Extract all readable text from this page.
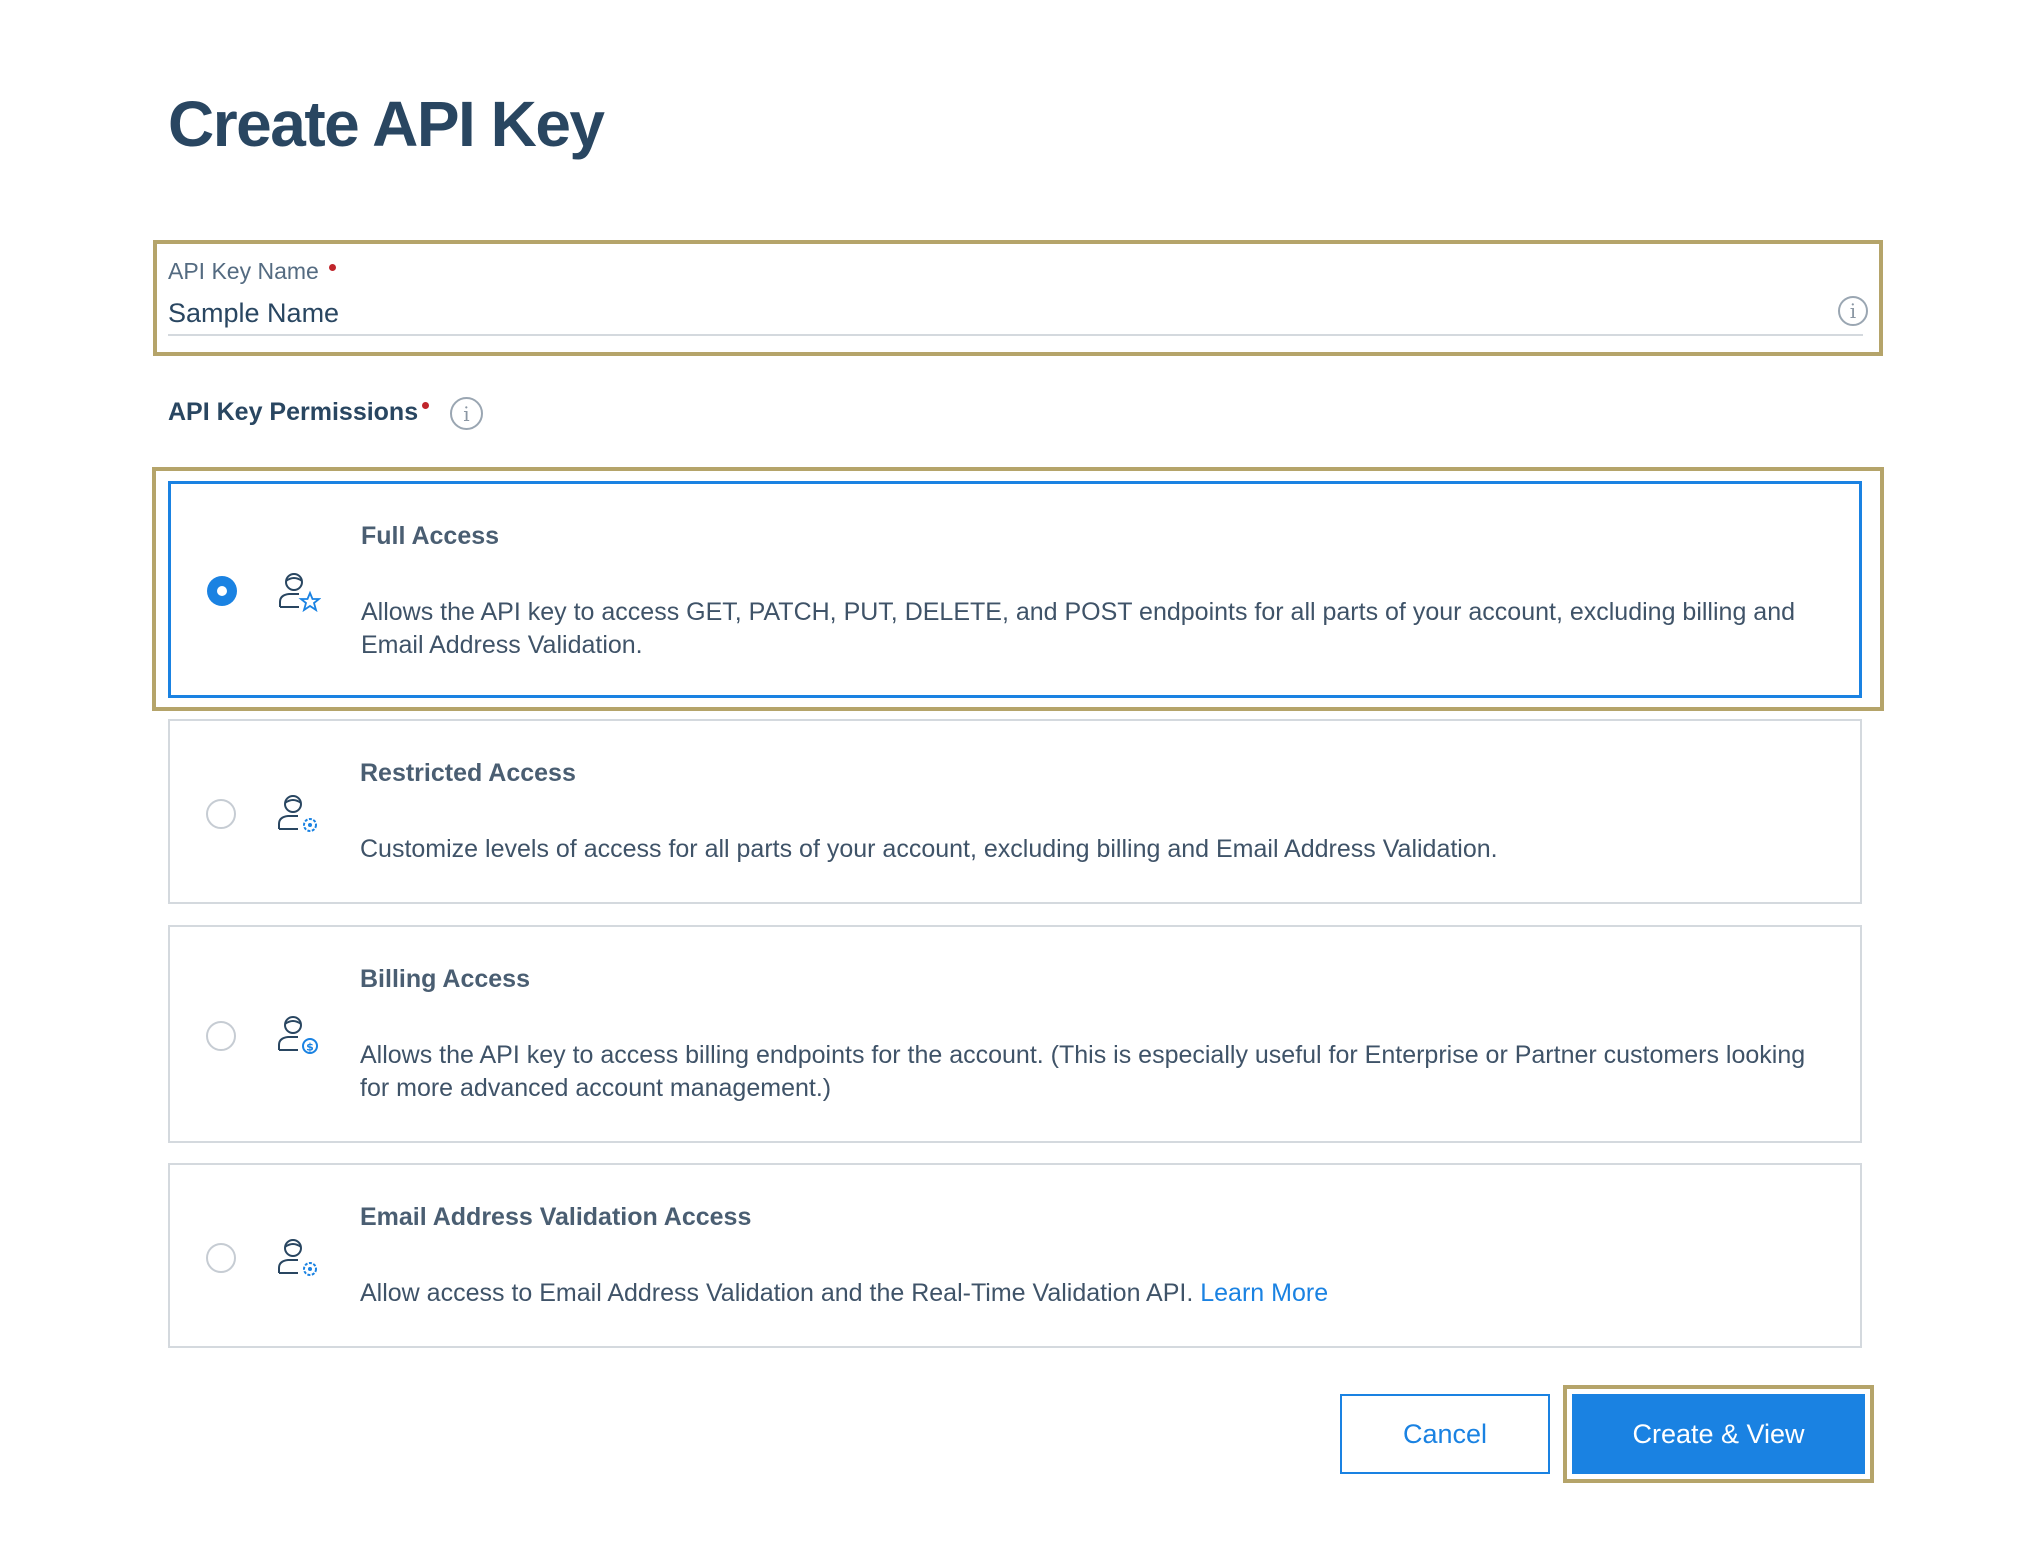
Create API Key
API Key Name
Sample Name
i
API Key Permissions	i
Full Access
Allows the API key to access GET, PATCH, PUT, DELETE, and POST endpoints for all parts of your account, excluding billing and Email Address Validation.
Restricted Access
Customize levels of access for all parts of your account, excluding billing and Email Address Validation.
$
Billing Access
Allows the API key to access billing endpoints for the account. (This is especially useful for Enterprise or Partner customers looking for more advanced account management.)
Email Address Validation Access
Allow access to Email Address Validation and the Real-Time Validation API. Learn More
Cancel	Create & View
